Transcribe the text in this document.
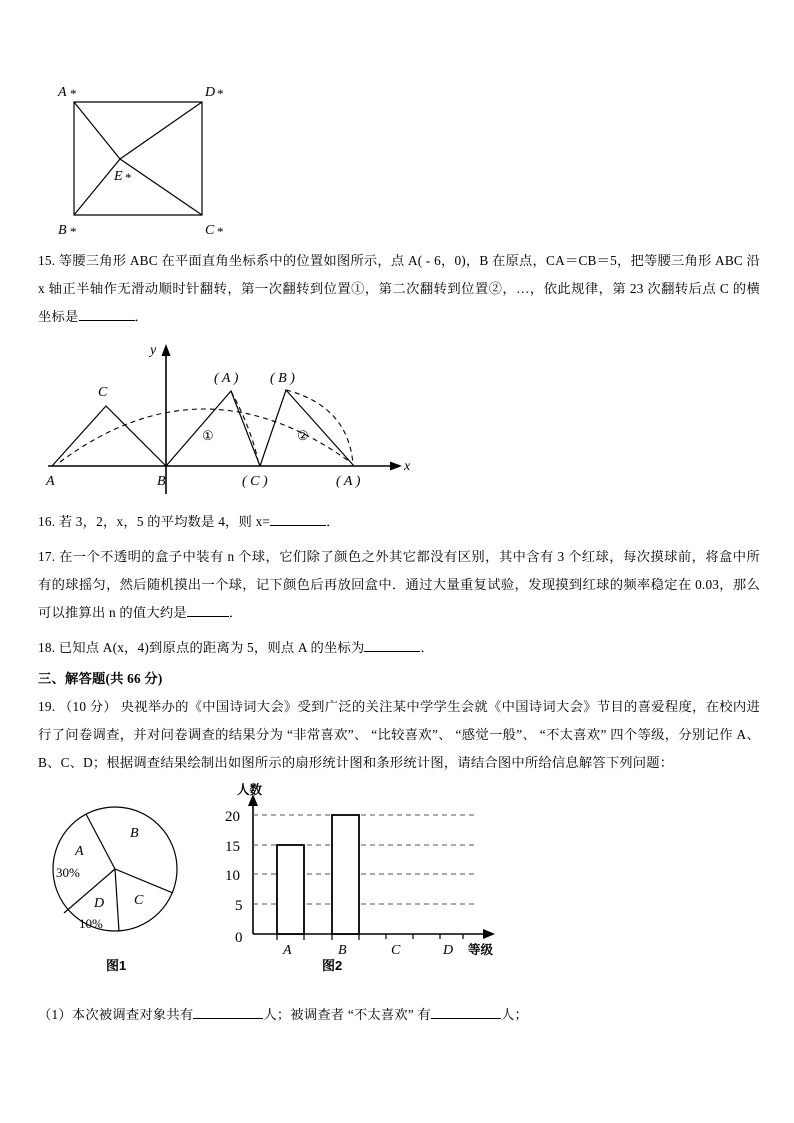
A *	D *
B *	C *
E *
15. 等腰三角形 ABC 在平面直角坐标系中的位置如图所示，点 A( - 6，0)，B 在原点，CA＝CB＝5，把等腰三角形 ABC 沿 x 轴正半轴作无滑动顺时针翻转，第一次翻转到位置①，第二次翻转到位置②，…，依此规律，第 23 次翻转后点 C 的横坐标是	．
x
y
A	B
C
( A ) ( B )
( C )	( A )
①	②
16. 若 3，2，x，5 的平均数是 4，则 x=	．
17. 在一个不透明的盒子中装有 n 个球，它们除了颜色之外其它都没有区别，其中含有 3 个红球，每次摸球前，将盒中所有的球摇匀，然后随机摸出一个球，记下颜色后再放回盒中．通过大量重复试验，发现摸到红球的频率稳定在 0.03，那么可以推算出 n 的值大约是	．
18. 已知点 A(x，4)到原点的距离为 5，则点 A 的坐标为	．
三、解答题(共 66 分)
19. （10 分） 央视举办的《中国诗词大会》受到广泛的关注某中学学生会就《中国诗词大会》节目的喜爱程度，在校内进行了问卷调查，并对问卷调查的结果分为 “非常喜欢”、 “比较喜欢”、 “感觉一般”、 “不太喜欢” 四个等级，分别记作 A、B、C、D；根据调查结果绘制出如图所示的扇形统计图和条形统计图，请结合图中所给信息解答下列问题：
A
30%
B
C
D
10%
人数
等级
20
15
10
5
0
A	B	C	D
图1	图2
（1）本次被调查对象共有	人；被调查者 “不太喜欢” 有	人；
